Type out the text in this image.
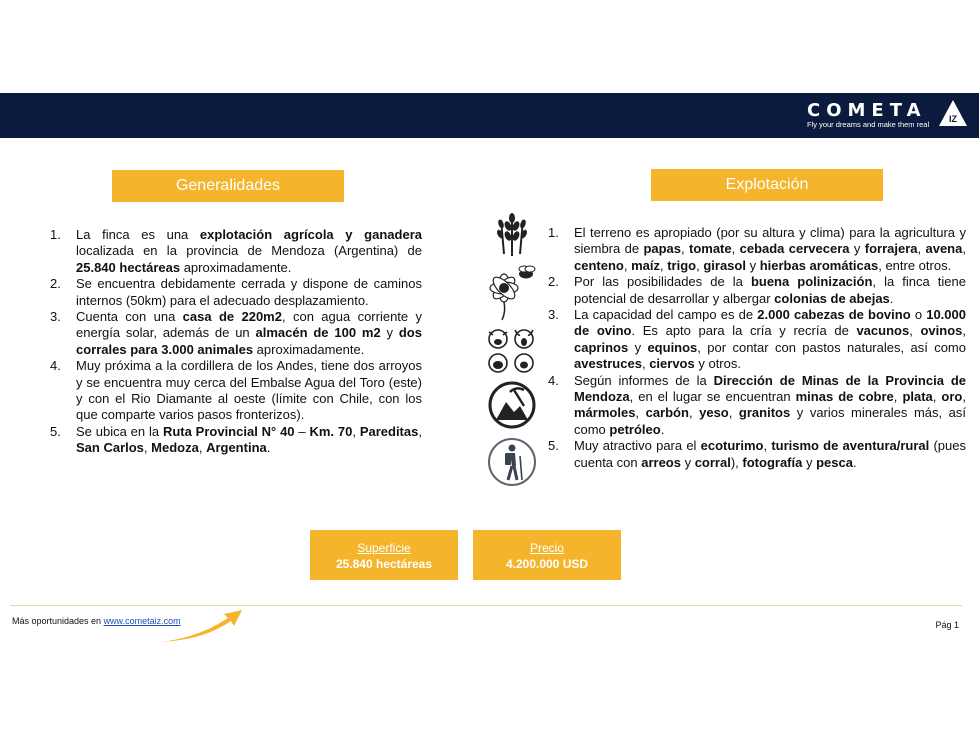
COMETA
Fly your dreams and make them real
IZ
Generalidades	Explotación
1. La finca es una explotación agrícola y ganadera localizada en la provincia de Mendoza (Argentina) de 25.840 hectáreas aproximadamente.
2. Se encuentra debidamente cerrada y dispone de caminos internos (50km) para el adecuado desplazamiento.
3. Cuenta con una casa de 220m2, con agua corriente y energía solar, además de un almacén de 100 m2 y dos corrales para 3.000 animales aproximadamente.
4. Muy próxima a la cordillera de los Andes, tiene dos arroyos y se encuentra muy cerca del Embalse Agua del Toro (este) y con el Rio Diamante al oeste (límite con Chile, con los que comparte varios pasos fronterizos).
5. Se ubica en la Ruta Provincial N° 40 – Km. 70, Pareditas, San Carlos, Medoza, Argentina.
1. El terreno es apropiado (por su altura y clima) para la agricultura y siembra de papas, tomate, cebada cervecera y forrajera, avena, centeno, maíz, trigo, girasol y hierbas aromáticas, entre otros.
2. Por las posibilidades de la buena polinización, la finca tiene potencial de desarrollar y albergar colonias de abejas.
3. La capacidad del campo es de 2.000 cabezas de bovino o 10.000 de ovino. Es apto para la cría y recría de vacunos, ovinos, caprinos y equinos, por contar con pastos naturales, así como avestruces, ciervos y otros.
4. Según informes de la Dirección de Minas de la Provincia de Mendoza, en el lugar se encuentran minas de cobre, plata, oro, mármoles, carbón, yeso, granitos y varios minerales más, así como petróleo.
5. Muy atractivo para el ecoturimo, turismo de aventura/rural (pues cuenta con arreos y corral), fotografía y pesca.
Superficie
25.840 hectáreas
Precio
4.200.000 USD
Más oportunidades en www.cometaiz.com	Pág 1
